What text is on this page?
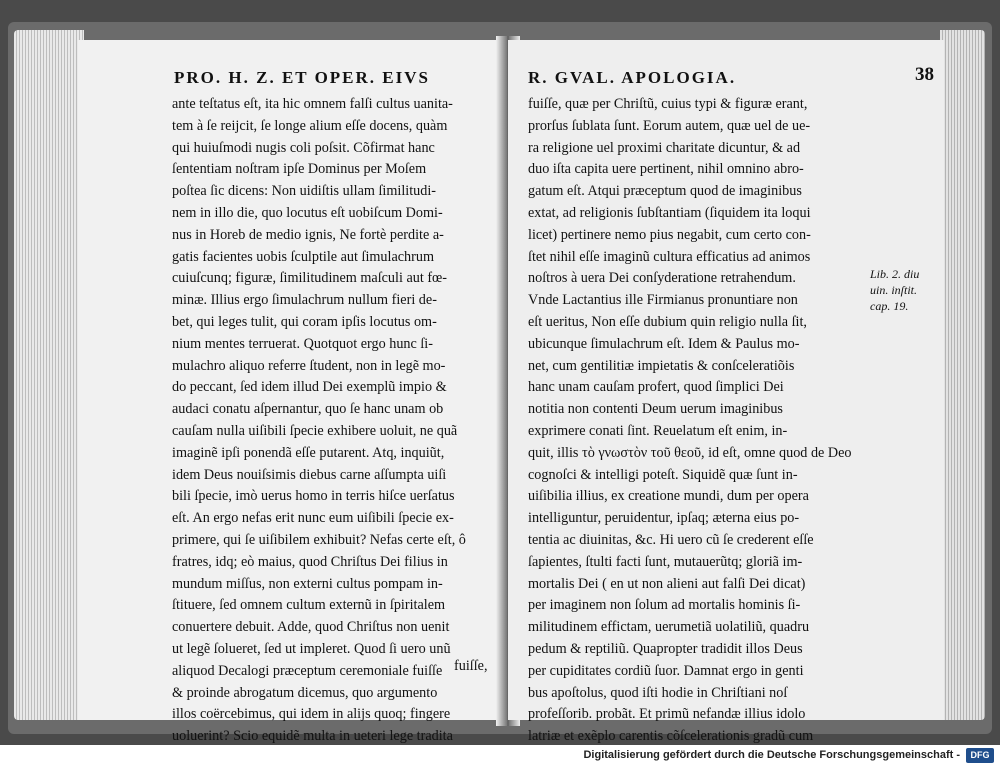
PRO. H. Z. ET OPER. EIVS
ante teſtatus eſt, ita hic omnem falſi cultus uanita-
tem à ſe reijcit, ſe longe alium eſſe docens, quàm
qui huiuſmodi nugis coli poſsit. Cõfirmat hanc
ſententiam noſtram ipſe Dominus per Moſem
poſtea ſic dicens: Non uidiſtis ullam ſimilitudi-
nem in illo die, quo locutus eſt uobiſcum Domi-
nus in Horeb de medio ignis, Ne fortè perdite a-
gatis facientes uobis ſculptile aut ſimulachrum
cuiuſcunq; figuræ, ſimilitudinem maſculi aut fœ-
minæ. Illius ergo ſimulachrum nullum fieri de-
bet, qui leges tulit, qui coram ipſis locutus om-
nium mentes terruerat. Quotquot ergo hunc ſi-
mulachro aliquo referre ſtudent, non in legẽ mo-
do peccant, ſed idem illud Dei exemplũ impio &
audaci conatu aſpernantur, quo ſe hanc unam ob
cauſam nulla uiſibili ſpecie exhibere uoluit, ne quã
imaginẽ ipſi ponendã eſſe putarent. Atq, inquiũt,
idem Deus nouiſsimis diebus carne aſſumpta uiſi
bili ſpecie, imò uerus homo in terris hiſce uerſatus
eſt. An ergo nefas erit nunc eum uiſibili ſpecie ex-
primere, qui ſe uiſibilem exhibuit? Nefas certe eſt, ô
fratres, idq; eò maius, quod Chriſtus Dei filius in
mundum miſſus, non externi cultus pompam in-
ſtituere, ſed omnem cultum externũ in ſpiritalem
conuertere debuit. Adde, quod Chriſtus non uenit
ut legẽ ſolueret, ſed ut impleret. Quod ſi uero unũ
aliquod Decalogi præceptum ceremoniale fuiſſe
& proinde abrogatum dicemus, quo argumento
illos coërcebimus, qui idem in alijs quoq; fingere
uoluerint? Scio equidẽ multa in ueteri lege tradita
fuiſſe,
R. GVAL. APOLOGIA.	38
fuiſſe, quæ per Chriſtũ, cuius typi & figuræ erant,
prorſus ſublata ſunt. Eorum autem, quæ uel de ue-
ra religione uel proximi charitate dicuntur, & ad
duo iſta capita uere pertinent, nihil omnino abro-
gatum eſt. Atqui præceptum quod de imaginibus
extat, ad religionis ſubſtantiam (ſiquidem ita loqui
licet) pertinere nemo pius negabit, cum certo con-
ſtet nihil eſſe imaginũ cultura efficatius ad animos
noſtros à uera Dei conſyderatione retrahendum.
Vnde Lactantius ille Firmianus pronuntiare non
eſt ueritus, Non eſſe dubium quin religio nulla ſit,
ubicunque ſimulachrum eſt. Idem & Paulus mo-
net, cum gentilitiæ impietatis & conſceleratiõis
hanc unam cauſam profert, quod ſimplici Dei
notitia non contenti Deum uerum imaginibus
exprimere conati ſint. Reuelatum eſt enim, in-
quit, illis τὸ γνωστὸν τοῦ θεοῦ, id eſt, omne quod de Deo
cognoſci & intelligi poteſt. Siquidẽ quæ ſunt in-
uiſibilia illius, ex creatione mundi, dum per opera
intelliguntur, peruidentur, ipſaq; æterna eius po-
tentia ac diuinitas, &c. Hi uero cũ ſe crederent eſſe
ſapientes, ſtulti facti ſunt, mutauerũtq; gloriã im-
mortalis Dei ( en ut non alieni aut falſi Dei dicat)
per imaginem non ſolum ad mortalis hominis ſi-
militudinem effictam, uerumetiã uolatiliũ, quadru
pedum & reptiliũ. Quapropter tradidit illos Deus
per cupiditates cordiũ ſuor. Damnat ergo in genti
bus apoſtolus, quod iſti hodie in Chriſtiani noſ
profeſſorib. probãt. Et primũ nefandæ illius idolo
latriæ et exẽplo carentis cõſcelerationis gradũ cum
Lib. 2. diu
uin. inſtit.
cap. 19.
Digitalisierung gefördert durch die Deutsche Forschungsgemeinschaft -	DFG
